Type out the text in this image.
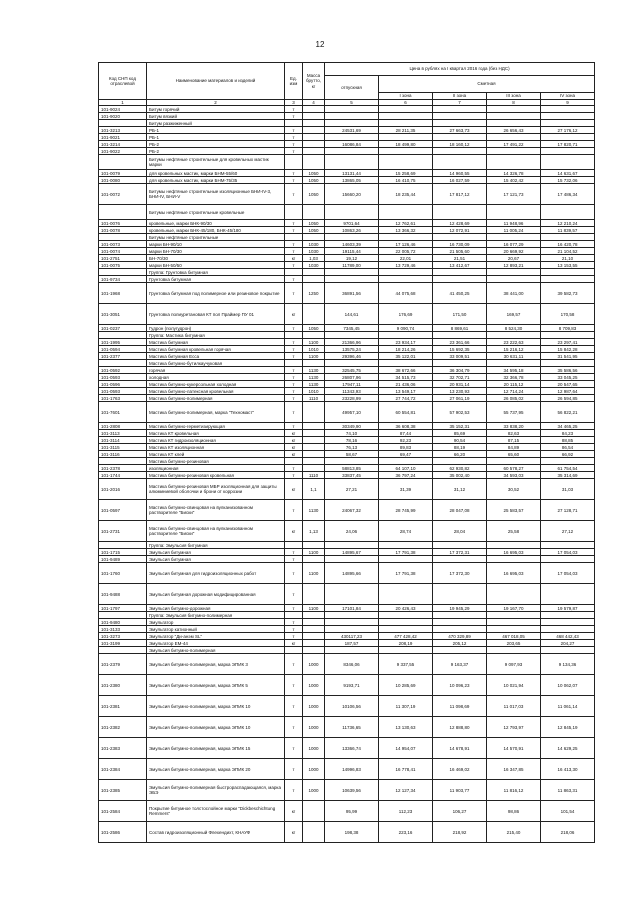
12
Код СНП код отраслевой	Наименование материалов и изделий	Ед. изм	Масса брутто, кг	Цена в рублях на I квартал 2016 года (без НДС)				
				отпускная	Сметная			
					I зона	II зона	III зона	IV зона
1	2	3	4	5	6	7	8	9
101-9024	Битум горячий	т						
101-9020	Битум вязкий	т						
	Битум разжиженный							
101-3213	РБ-1	т		24531,69	28 211,35	27 663,73	26 656,43	27 176,12
101-9021	РБ-1	т						
101-3214	РБ-2	т		16086,84	18 499,80	18 160,12	17 491,22	17 820,71
101-9022	РБ-2	т						
	Битумы нефтяные строительные для кровельных мастик марки							
101-0079	для кровельных мастик, марки БНМ-55/60	т	1050	13131,44	15 258,69	14 960,55	14 326,78	14 631,67
101-0080	для кровельных мастик, марки БНМ-75/35	т	1050	13865,05	16 410,75	16 027,59	15 402,42	15 732,06
101-0072	Битумы нефтяные строительные изоляционные БНИ-IV-3, БНИ-IV, БНИ-V	т	1050	15660,20	18 235,44	17 817,12	17 121,73	17 486,34
	Битумы нефтяные строительные кровельные							
101-0076	кровельные, марки БНК-90/30	т	1050	9701,64	12 762,61	12 428,69	11 948,96	12 210,24
101-0078	кровельные, марки БНК-45/180, БНК-45/180	т	1050	10863,26	13 366,32	12 072,91	11 005,24	11 839,57
	Битумы нефтяные строительные							
101-0073	марки БН-90/10	т	1030	14603,39	17 126,46	16 730,09	16 077,29	16 420,78
101-0074	марки БН-70/30	т	1030	19115,44	22 005,72	21 505,60	20 669,92	21 104,52
101-2751	БН-70/30	кг	1,03	19,12	22,01	21,51	20,67	21,10
101-0075	марки БН-50/50	т	1030	11789,00	13 729,46	13 412,67	12 893,21	13 153,55
	Группа: Грунтовка битумная							
101-9734	Грунтовка битумная	т						
101-1968	Грунтовка битумная под полимерное или резиновое покрытие	т	1250	36891,56	44 075,68	41 450,25	38 441,00	39 582,73
101-3051	Грунтовка полиуретановая КТ пол Праймер ПУ 01	кг		144,61	176,69	171,50	169,57	170,58
101-0237	Гудрон (полугудрон)	т	1050	7345,45	9 090,74	8 869,61	8 524,30	8 709,83
	Группа: Мастика битумная							
101-1995	Мастика битумная	т	1100	21366,96	23 934,17	23 361,66	23 222,63	23 297,41
101-0594	Мастика битумная кровельная горячая	т	1010	13575,24	18 214,26	15 692,35	15 216,12	15 842,28
101-2377	Мастика битумная Ecca	т	1100	29396,46	35 122,01	33 009,51	30 631,11	31 541,95
	Мастика битумно-бутилкаучуковая							
101-0592	горячая	т	1130	32545,75	38 672,66	36 304,79	34 595,18	35 586,56
101-0593	холодная	т	1130	26807,96	34 515,73	32 702,71	32 366,78	33 045,25
101-0596	Мастика битумно-кукерсольная холодная	т	1130	17947,11	21 436,06	20 931,14	20 115,12	20 547,65
101-0593	Мастика битумно-латексная кровельная	т	1010	11343,93	13 549,17	13 230,93	12 714,24	12 987,64
101-1763	Мастика битумно-полимерная	т	1110	23228,99	27 744,72	27 061,19	26 085,02	26 594,85
101-7601	Мастика битумно-полимерная, марка "Техномаст"	т		49957,10	60 554,81	57 902,53	55 737,95	56 822,21
101-2808	Мастика битумно-герметизирующая	т		30349,90	36 608,38	35 152,31	33 838,20	34 465,25
101-3113	Мастика КТ кровельная	кг		74,10	87,44	85,69	82,63	84,23
101-3114	Мастика КТ гидроизоляционная	кг		78,16	92,23	90,54	87,15	88,85
101-3115	Мастика КТ изоляционная	кг		76,13	89,83	88,19	84,89	86,54
101-3116	Мастика КТ клей	кг		58,67	69,47	66,20	65,60	66,92
	Мастика битумно-резиновая							
101-2378	изоляционная	т		58813,85	64 107,10	62 930,82	60 578,27	61 754,54
101-1744	Мастика битумно-резиновая кровельная	т	1110	33837,45	36 797,24	35 002,40	34 593,03	35 314,69
101-2016	Мастика битумно-резиновая МБР изоляционная для защиты алюминиевой оболочки и брони от коррозии	кг	1,1	27,21	31,39	31,12	30,52	31,03
101-0597	Мастика битумно-свинцовая на вулканизованном растворителе "Биски"	т	1130	24067,32	28 745,99	28 047,08	25 583,57	27 128,71
101-2731	Мастика битумно-свинцовая на вулканизованном растворителе "Биски"	кг	1,13	24,06	28,74	28,04	25,58	27,12
	Группа: Эмульсия битумная							
101-1715	Эмульсия битумная	т	1100	14895,67	17 791,38	17 372,31	16 695,03	17 054,03
101-9489	Эмульсия битумная	т						
101-1760	Эмульсия битумная для гидроизоляционных работ	т	1100	14895,66	17 791,38	17 372,30	16 695,03	17 054,03
101-9488	Эмульсия битумная дорожная модифицированная	т						
101-1797	Эмульсия битумно-дорожная	т	1100	17101,84	20 426,43	19 945,29	19 167,70	19 579,87
	Группа: Эмульсия битумно-полимерная							
101-9480	Эмульгатор	т						
101-3133	Эмульгатор катионный	т						
101-3273	Эмульгатор "Ди-анэм SL"	т		430117,23	477 428,42	470 329,89	467 018,05	468 442,43
101-3199	Эмульгатор ЕМ-44	кг		187,57	208,19	205,12	203,65	204,27
	Эмульсия битумно-полимерная							
101-2379	Эмульсия битумно-полимерная, марка ЭПИК 3	т	1000	8346,06	9 337,55	9 163,37	9 097,93	9 134,36
101-2380	Эмульсия битумно-полимерная, марка ЭПИК 5	т	1000	9193,71	10 285,69	10 096,23	10 021,94	10 062,07
101-2381	Эмульсия битумно-полимерная, марка ЭПИК 10	т	1000	10106,56	11 307,19	11 098,69	11 017,03	11 061,14
101-2382	Эмульсия битумно-полимерная, марка ЭПИК 10	т	1000	11736,65	13 130,63	12 888,80	12 793,97	12 845,19
101-2383	Эмульсия битумно-полимерная, марка ЭПИК 15	т	1000	13366,74	14 954,07	14 678,91	14 570,91	14 629,25
101-2384	Эмульсия битумно-полимерная, марка ЭПИК 20	т	1000	14996,83	16 778,41	16 469,02	16 347,85	16 413,30
101-2385	Эмульсия битумно-полимерная быстрораспадающаяся, марка ЭБЭ	т	1000	10639,56	12 127,34	11 903,77	11 816,12	11 863,31
101-2584	Покрытие битумное толстослойное марки "Dickbeschichtung Remmers"	кг		95,99	112,23	106,27	98,86	101,54
101-2586	Состав гидроизоляционный Флехендихт, КНАУФ	кг		198,38	223,16	218,92	215,40	218,06
